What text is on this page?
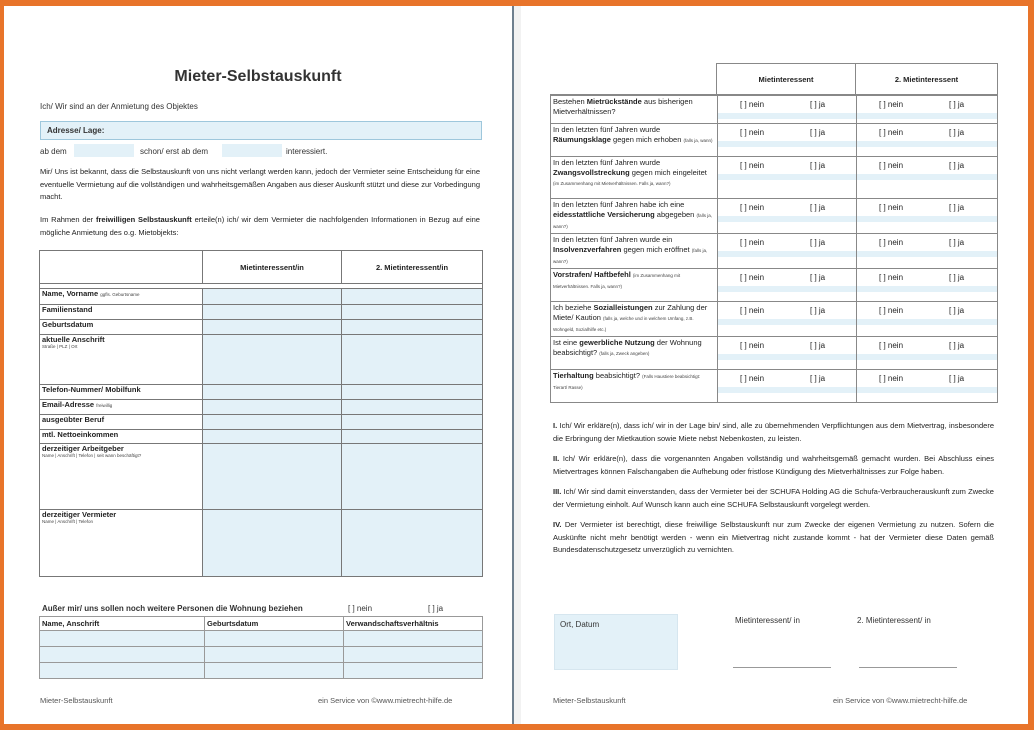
Mieter-Selbstauskunft
Ich/ Wir sind an der Anmietung des Objektes
Adresse/ Lage:
ab dem	schon/ erst ab dem	interessiert.
Mir/ Uns ist bekannt, dass die Selbstauskunft von uns nicht verlangt werden kann, jedoch der Vermieter seine Entscheidung für eine eventuelle Vermietung auf die vollständigen und wahrheitsgemäßen Angaben aus dieser Auskunft stützt und diese zur Vorbedingung macht.
Im Rahmen der freiwilligen Selbstauskunft erteile(n) ich/ wir dem Vermieter die nachfolgenden Informationen in Bezug auf eine mögliche Anmietung des o.g. Mietobjekts:
	Mietinteressent/in	2. Mietinteressent/in

Name, Vorname ggfls. Geburtsname		
Familienstand		
Geburtsdatum		

aktuelle Anschrift
Straße | PLZ | Ort		

Telefon-Nummer/ Mobilfunk		
Email-Adresse freiwillig		
ausgeübter Beruf		
mtl. Nettoeinkommen		

derzeitiger Arbeitgeber
Name | Anschrift | Telefon | seit wann beschäftigt?		

derzeitiger Vermieter
Name | Anschrift | Telefon		

Außer mir/ uns sollen noch weitere Personen die Wohnung beziehen	[ ] nein	[ ] ja
Name, Anschrift	Geburtsdatum	Verwandschaftsverhältnis

Mieter-Selbstauskunft	ein Service von ©www.mietrecht-hilfe.de
	Mietinteressent	2. Mietinteressent
Bestehen Mietrückstände aus bisherigen Mietverhältnissen?	[ ] nein [ ] ja	[ ] nein [ ] ja

In den letzten fünf Jahren wurde Räumungsklage gegen mich erhoben (falls ja, wann)	[ ] nein [ ] ja	[ ] nein [ ] ja

In den letzten fünf Jahren wurde Zwangsvollstreckung gegen mich eingeleitet (im Zusammenhang mit Mietverhältnissen. Falls ja, wann?)	[ ] nein [ ] ja	[ ] nein [ ] ja

In den letzten fünf Jahren habe ich eine eidesstattliche Versicherung abgegeben (falls ja, wann?)	[ ] nein [ ] ja	[ ] nein [ ] ja

In den letzten fünf Jahren wurde ein Insolvenzverfahren gegen mich eröffnet (falls ja, wann?)	[ ] nein [ ] ja	[ ] nein [ ] ja

Vorstrafen/ Haftbefehl (im Zusammenhang mit Mietverhältnissen. Falls ja, wann?)	[ ] nein [ ] ja	[ ] nein [ ] ja

Ich beziehe Sozialleistungen zur Zahlung der Miete/ Kaution (falls ja, welche und in welchem Umfang, z.B. Wohngeld, Sozialhilfe etc.)	[ ] nein [ ] ja	[ ] nein [ ] ja

Ist eine gewerbliche Nutzung der Wohnung beabsichtigt? (falls ja, Zweck angeben)	[ ] nein [ ] ja	[ ] nein [ ] ja

Tierhaltung beabsichtigt? (Falls Haustiere beabsichtigt: Tierart/ Rasse)	[ ] nein [ ] ja	[ ] nein [ ] ja
I. Ich/ Wir erkläre(n), dass ich/ wir in der Lage bin/ sind, alle zu übernehmenden Verpflichtungen aus dem Mietvertrag, insbesondere die Erbringung der Mietkaution sowie Miete nebst Nebenkosten, zu leisten.
II. Ich/ Wir erkläre(n), dass die vorgenannten Angaben vollständig und wahrheitsgemäß gemacht wurden. Bei Abschluss eines Mietvertrages können Falschangaben die Aufhebung oder fristlose Kündigung des Mietverhältnisses zur Folge haben.
III. Ich/ Wir sind damit einverstanden, dass der Vermieter bei der SCHUFA Holding AG die Schufa-Verbraucherauskunft zum Zwecke der Vermietung einholt. Auf Wunsch kann auch eine SCHUFA Selbstauskunft vorgelegt werden.
IV. Der Vermieter ist berechtigt, diese freiwillige Selbstauskunft nur zum Zwecke der eigenen Vermietung zu nutzen. Sofern die Auskünfte nicht mehr benötigt werden - wenn ein Mietvertrag nicht zustande kommt - hat der Vermieter diese Daten gemäß Bundesdatenschutzgesetz unverzüglich zu vernichten.
Ort, Datum	Mietinteressent/ in	2. Mietinteressent/ in
Mieter-Selbstauskunft	ein Service von ©www.mietrecht-hilfe.de
